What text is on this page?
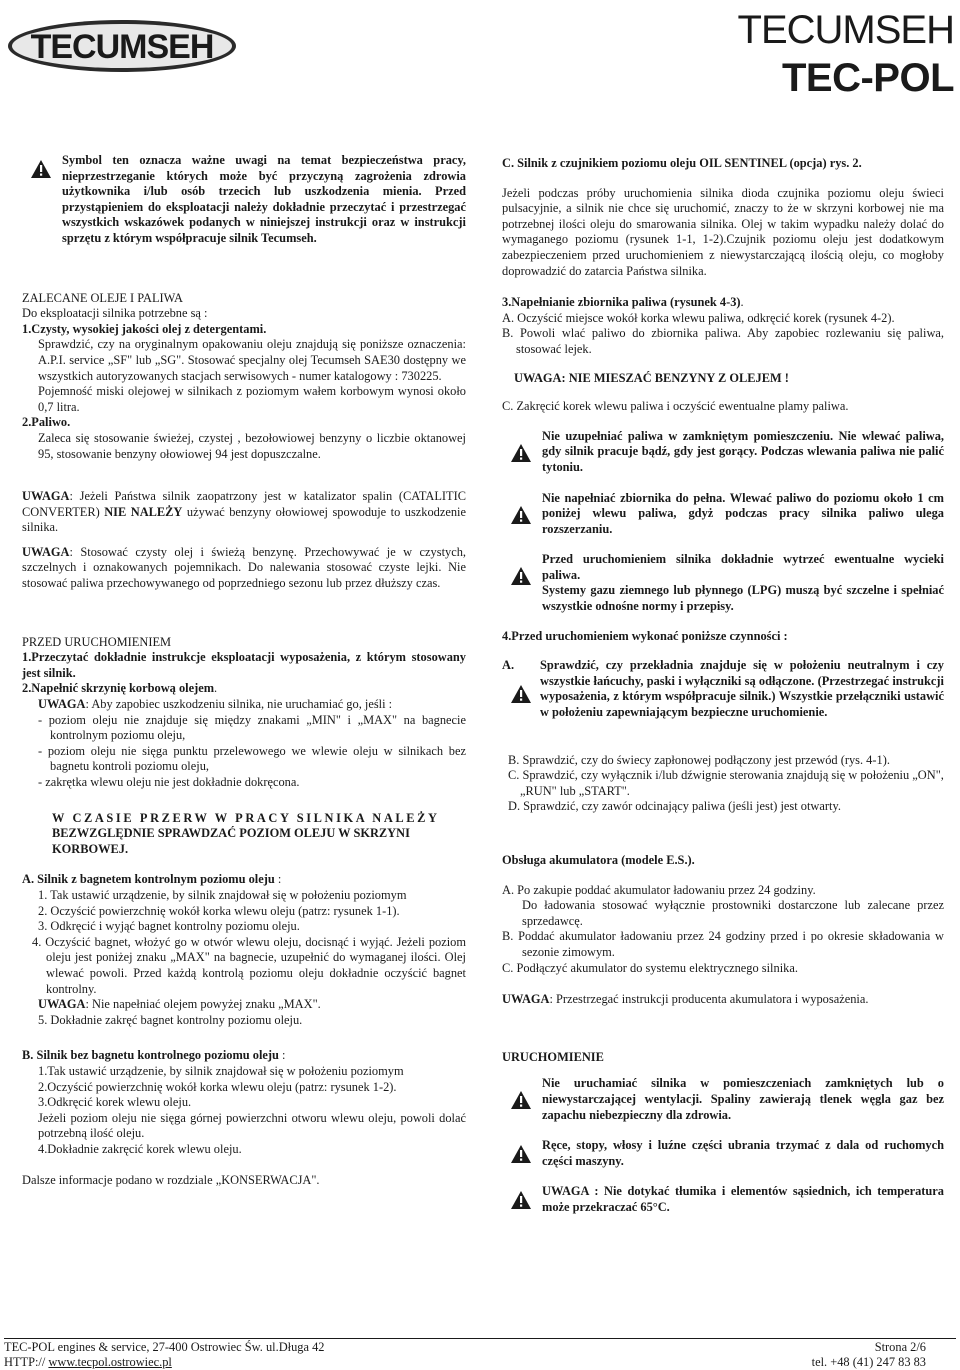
TECUMSEH	TECUMSEH
TEC-POL

Symbol ten oznacza ważne uwagi na temat bezpieczeństwa pracy, nieprzestrzeganie których może być przyczyną zagrożenia zdrowia użytkownika i/lub osób trzecich lub uszkodzenia mienia. Przed przystąpieniem do eksploatacji należy dokładnie przeczytać i przestrzegać wszystkich wskazówek podanych w niniejszej instrukcji oraz w instrukcji sprzętu z którym współpracuje silnik Tecumseh.

ZALECANE OLEJE I PALIWA

Do eksploatacji silnika potrzebne są :

1.Czysty, wysokiej jakości olej z detergentami.

Sprawdzić, czy na oryginalnym opakowaniu oleju znajdują się poniższe oznaczenia: A.P.I. service „SF" lub „SG". Stosować specjalny olej Tecumseh SAE30 dostępny we wszystkich autoryzowanych stacjach serwisowych - numer katalogowy : 730225.

Pojemność miski olejowej w silnikach z poziomym wałem korbowym wynosi około 0,7 litra.

2.Paliwo.

Zaleca się stosowanie świeżej, czystej , bezołowiowej benzyny o liczbie oktanowej 95, stosowanie benzyny ołowiowej 94 jest dopuszczalne.

UWAGA: Jeżeli Państwa silnik zaopatrzony jest w katalizator spalin (CATALITIC CONVERTER) NIE NALEŻY używać benzyny ołowiowej spowoduje to uszkodzenie silnika.

UWAGA: Stosować czysty olej i świeżą benzynę. Przechowywać je w czystych, szczelnych i oznakowanych pojemnikach. Do nalewania stosować czyste lejki. Nie stosować paliwa przechowywanego od poprzedniego sezonu lub przez dłuższy czas.

PRZED URUCHOMIENIEM

1.Przeczytać dokładnie instrukcje eksploatacji wyposażenia, z którym stosowany jest silnik.

2.Napełnić skrzynię korbową olejem.

UWAGA: Aby zapobiec uszkodzeniu silnika, nie uruchamiać go, jeśli :

- poziom oleju nie znajduje się między znakami „MIN" i „MAX" na bagnecie kontrolnym poziomu oleju,

- poziom oleju nie sięga punktu przelewowego we wlewie oleju w silnikach bez bagnetu kontroli poziomu oleju,

- zakrętka wlewu oleju nie jest dokładnie dokręcona.

W CZASIE PRZERW W PRACY SILNIKA NALEŻY

BEZWZGLĘDNIE SPRAWDZAĆ POZIOM OLEJU W SKRZYNI KORBOWEJ.

A. Silnik z bagnetem kontrolnym poziomu oleju :

1. Tak ustawić urządzenie, by silnik znajdował się w położeniu poziomym

2. Oczyścić powierzchnię wokół korka wlewu oleju (patrz: rysunek 1-1).

3. Odkręcić i wyjąć bagnet kontrolny poziomu oleju.

4. Oczyścić bagnet, włożyć go w otwór wlewu oleju, docisnąć i wyjąć. Jeżeli poziom oleju jest poniżej znaku „MAX" na bagnecie, uzupełnić do wymaganej ilości. Olej wlewać powoli. Przed każdą kontrolą poziomu oleju dokładnie oczyścić bagnet kontrolny.

UWAGA: Nie napełniać olejem powyżej znaku „MAX".

5. Dokładnie zakręć bagnet kontrolny poziomu oleju.

B. Silnik bez bagnetu kontrolnego poziomu oleju :

1.Tak ustawić urządzenie, by silnik znajdował się w położeniu poziomym

2.Oczyścić powierzchnię wokół korka wlewu oleju (patrz: rysunek 1-2).

3.Odkręcić korek wlewu oleju.

Jeżeli poziom oleju nie sięga górnej powierzchni otworu wlewu oleju, powoli dolać potrzebną ilość oleju.

4.Dokładnie zakręcić korek wlewu oleju.

Dalsze informacje podano w rozdziale „KONSERWACJA".

C. Silnik z czujnikiem poziomu oleju OIL SENTINEL (opcja) rys. 2.

Jeżeli podczas próby uruchomienia silnika dioda czujnika poziomu oleju świeci pulsacyjnie, a silnik nie chce się uruchomić, znaczy to że w skrzyni korbowej nie ma potrzebnej ilości oleju do smarowania silnika. Olej w takim wypadku należy dolać do wymaganego poziomu (rysunek 1-1, 1-2).Czujnik poziomu oleju jest dodatkowym zabezpieczeniem przed uruchomieniem z niewystarczającą ilością oleju, co mogłoby doprowadzić do zatarcia Państwa silnika.

3.Napełnianie zbiornika paliwa (rysunek 4-3).

A. Oczyścić miejsce wokół korka wlewu paliwa, odkręcić korek (rysunek 4-2).

B. Powoli wlać paliwo do zbiornika paliwa. Aby zapobiec rozlewaniu się paliwa, stosować lejek.

UWAGA: NIE MIESZAĆ BENZYNY Z OLEJEM !

C. Zakręcić korek wlewu paliwa i oczyścić ewentualne plamy paliwa.

Nie uzupełniać paliwa w zamkniętym pomieszczeniu. Nie wlewać paliwa, gdy silnik pracuje bądź, gdy jest gorący. Podczas wlewania paliwa nie palić tytoniu.

Nie napełniać zbiornika do pełna. Wlewać paliwo do poziomu około 1 cm poniżej wlewu paliwa, gdyż podczas pracy silnika paliwo ulega rozszerzaniu.

Przed uruchomieniem silnika dokładnie wytrzeć ewentualne wycieki paliwa.

Systemy gazu ziemnego lub płynnego (LPG) muszą być szczelne i spełniać wszystkie odnośne normy i przepisy.

4.Przed uruchomieniem wykonać poniższe czynności :

A. Sprawdzić, czy przekładnia znajduje się w położeniu neutralnym i czy wszystkie łańcuchy, paski i wyłączniki są odłączone. (Przestrzegać instrukcji wyposażenia, z którym współpracuje silnik.) Wszystkie przełączniki ustawić w położeniu zapewniającym bezpieczne uruchomienie.

B. Sprawdzić, czy do świecy zapłonowej podłączony jest przewód (rys. 4-1).

C. Sprawdzić, czy wyłącznik i/lub dźwignie sterowania znajdują się w położeniu „ON", „RUN" lub „START".

D. Sprawdzić, czy zawór odcinający paliwa (jeśli jest) jest otwarty.

Obsługa akumulatora (modele E.S.).

A. Po zakupie poddać akumulator ładowaniu przez 24 godziny.

Do ładowania stosować wyłącznie prostowniki dostarczone lub zalecane przez sprzedawcę.

B. Poddać akumulator ładowaniu przez 24 godziny przed i po okresie składowania w sezonie zimowym.

C. Podłączyć akumulator do systemu elektrycznego silnika.

UWAGA: Przestrzegać instrukcji producenta akumulatora i wyposażenia.

URUCHOMIENIE

Nie uruchamiać silnika w pomieszczeniach zamkniętych lub o niewystarczającej wentylacji. Spaliny zawierają tlenek węgla gaz bez zapachu niebezpieczny dla zdrowia.

Ręce, stopy, włosy i luźne części ubrania trzymać z dala od ruchomych części maszyny.

UWAGA : Nie dotykać tłumika i elementów sąsiednich, ich temperatura może przekraczać 65°C.

TEC-POL engines & service, 27-400 Ostrowiec Św. ul.Długa 42	Strona 2/6
HTTP:// www.tecpol.ostrowiec.pl	tel. +48 (41) 247 83 83
